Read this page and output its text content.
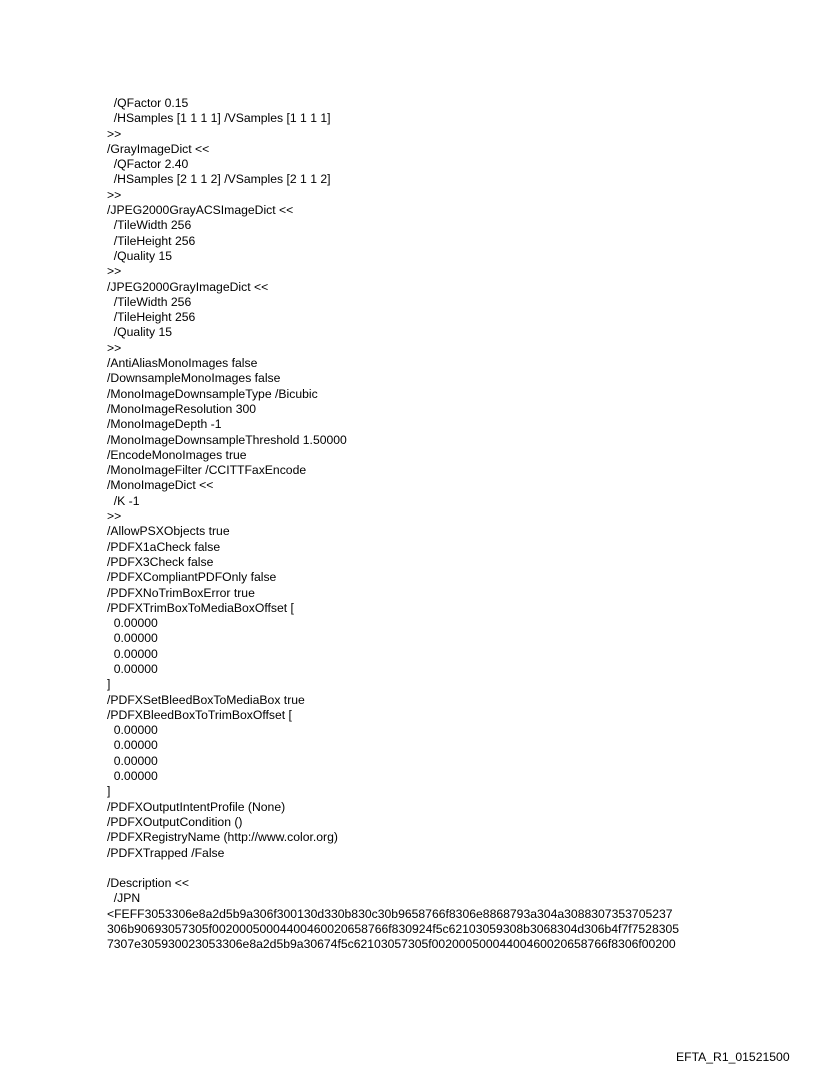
/QFactor 0.15
/HSamples [1 1 1 1] /VSamples [1 1 1 1]
>>
/GrayImageDict <<
/QFactor 2.40
/HSamples [2 1 1 2] /VSamples [2 1 1 2]
>>
/JPEG2000GrayACSImageDict <<
/TileWidth 256
/TileHeight 256
/Quality 15
>>
/JPEG2000GrayImageDict <<
/TileWidth 256
/TileHeight 256
/Quality 15
>>
/AntiAliasMonoImages false
/DownsampleMonoImages false
/MonoImageDownsampleType /Bicubic
/MonoImageResolution 300
/MonoImageDepth -1
/MonoImageDownsampleThreshold 1.50000
/EncodeMonoImages true
/MonoImageFilter /CCITTFaxEncode
/MonoImageDict <<
/K -1
>>
/AllowPSXObjects true
/PDFX1aCheck false
/PDFX3Check false
/PDFXCompliantPDFOnly false
/PDFXNoTrimBoxError true
/PDFXTrimBoxToMediaBoxOffset [
0.00000
0.00000
0.00000
0.00000
]
/PDFXSetBleedBoxToMediaBox true
/PDFXBleedBoxToTrimBoxOffset [
0.00000
0.00000
0.00000
0.00000
]
/PDFXOutputIntentProfile (None)
/PDFXOutputCondition ()
/PDFXRegistryName (http://www.color.org)
/PDFXTrapped /False
/Description <<
/JPN
<FEFF3053306e8a2d5b9a306f300130d330b830c30b9658766f8306e8868793a304a3088307353705237
306b90693057305f00200050004400460020658766f830924f5c62103059308b3068304d306b4f7f7528305
7307e305930023053306e8a2d5b9a30674f5c62103057305f00200050004400460020658766f8306f00200
EFTA_R1_01521500
